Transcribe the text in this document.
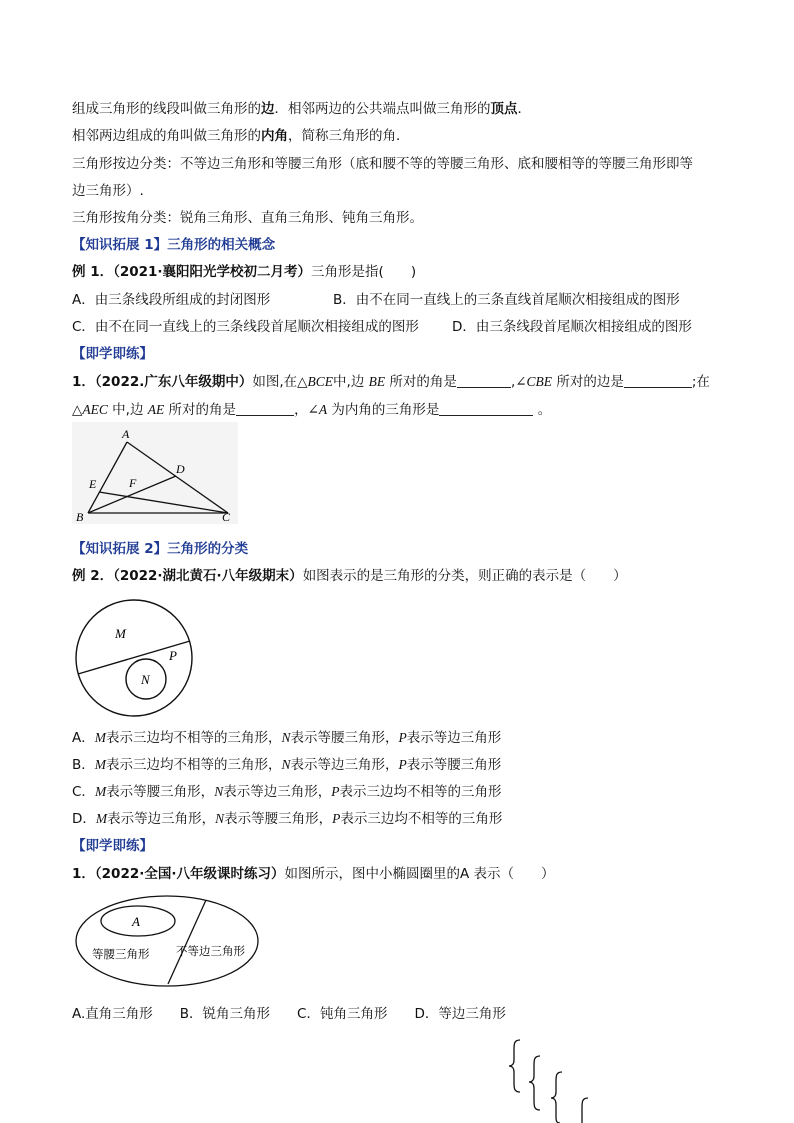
组成三角形的线段叫做三角形的边．相邻两边的公共端点叫做三角形的顶点．
相邻两边组成的角叫做三角形的内角，简称三角形的角．
三角形按边分类：不等边三角形和等腰三角形（底和腰不等的等腰三角形、底和腰相等的等腰三角形即等
边三角形）.
三角形按角分类：锐角三角形、直角三角形、钝角三角形。
【知识拓展 1】三角形的相关概念
例 1．（2021·襄阳阳光学校初二月考）三角形是指(　　)
A．由三条线段所组成的封闭图形	B．由不在同一直线上的三条直线首尾顺次相接组成的图形
C．由不在同一直线上的三条线段首尾顺次相接组成的图形 D．由三条线段首尾顺次相接组成的图形
【即学即练】
1．（2022.广东八年级期中）如图,在△BCE中,边 BE 所对的角是	,∠CBE 所对的边是	;在
△AEC 中,边 AE 所对的角是	，∠A 为内角的三角形是	。
A
B	C
D
E	F
【知识拓展 2】三角形的分类
例 2．（2022·湖北黄石·八年级期末）如图表示的是三角形的分类，则正确的表示是（　　）
M
P
N
A．M表示三边均不相等的三角形，N表示等腰三角形，P表示等边三角形
B．M表示三边均不相等的三角形，N表示等边三角形，P表示等腰三角形
C．M表示等腰三角形，N表示等边三角形，P表示三边均不相等的三角形
D．M表示等边三角形，N表示等腰三角形，P表示三边均不相等的三角形
【即学即练】
1．（2022·全国·八年级课时练习）如图所示，图中小椭圆圈里的A 表示（　　）
A
等腰三角形 不等边三角形
A.直角三角形　　B．锐角三角形　　C．钝角三角形　　D．等边三角形
